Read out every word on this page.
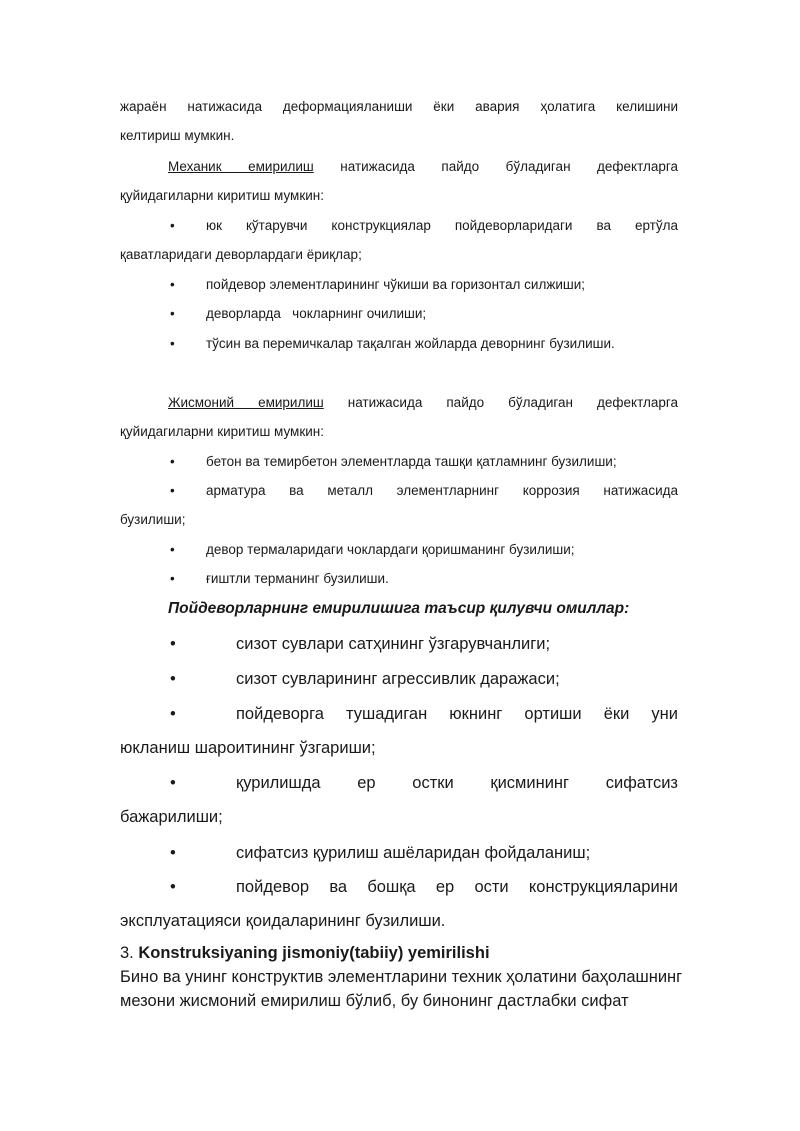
жараён натижасида деформацияланиши ёки авария ҳолатига келишини
келтириш мумкин.
Механик емирилиш натижасида пайдо бўладиган дефектларга
қуйидагиларни киритиш мумкин:
•	юк кўтарувчи конструкциялар пойдеворларидаги ва ертўла
қаватларидаги деворлардаги ёриқлар;
•	пойдевор элементларининг чўкиши ва горизонтал силжиши;
•	деворларда   чокларнинг очилиши;
•	тўсин ва перемичкалар тақалган жойларда деворнинг бузилиши.
Жисмоний емирилиш натижасида пайдо бўладиган дефектларга
қуйидагиларни киритиш мумкин:
•	бетон ва темирбетон элементларда ташқи қатламнинг бузилиши;
•	арматура ва металл элементларнинг коррозия натижасида
бузилиши;
•	девор термаларидаги чоклардаги қоришманинг бузилиши;
•	ғиштли терманинг бузилиши.
Пойдеворларнинг емирилишига таъсир қилувчи омиллар:
•	сизот сувлари сатҳининг ўзгарувчанлиги;
•	сизот сувларининг агрессивлик даражаси;
•	пойдеворга тушадиган юкнинг ортиши ёки уни
юкланиш шароитининг ўзгариши;
•	қурилишда ер остки қисмининг сифатсиз
бажарилиши;
•	сифатсиз қурилиш ашёларидан фойдаланиш;
•	пойдевор ва бошқа ер ости конструкцияларини
эксплуатацияси қоидаларининг бузилиши.
3. Konstruksiyaning jismoniy(tabiiy) yemirilishi
Бино ва унинг конструктив элементларини техник ҳолатини баҳолашнинг
мезони жисмоний емирилиш бўлиб, бу бинонинг дастлабки сифат
